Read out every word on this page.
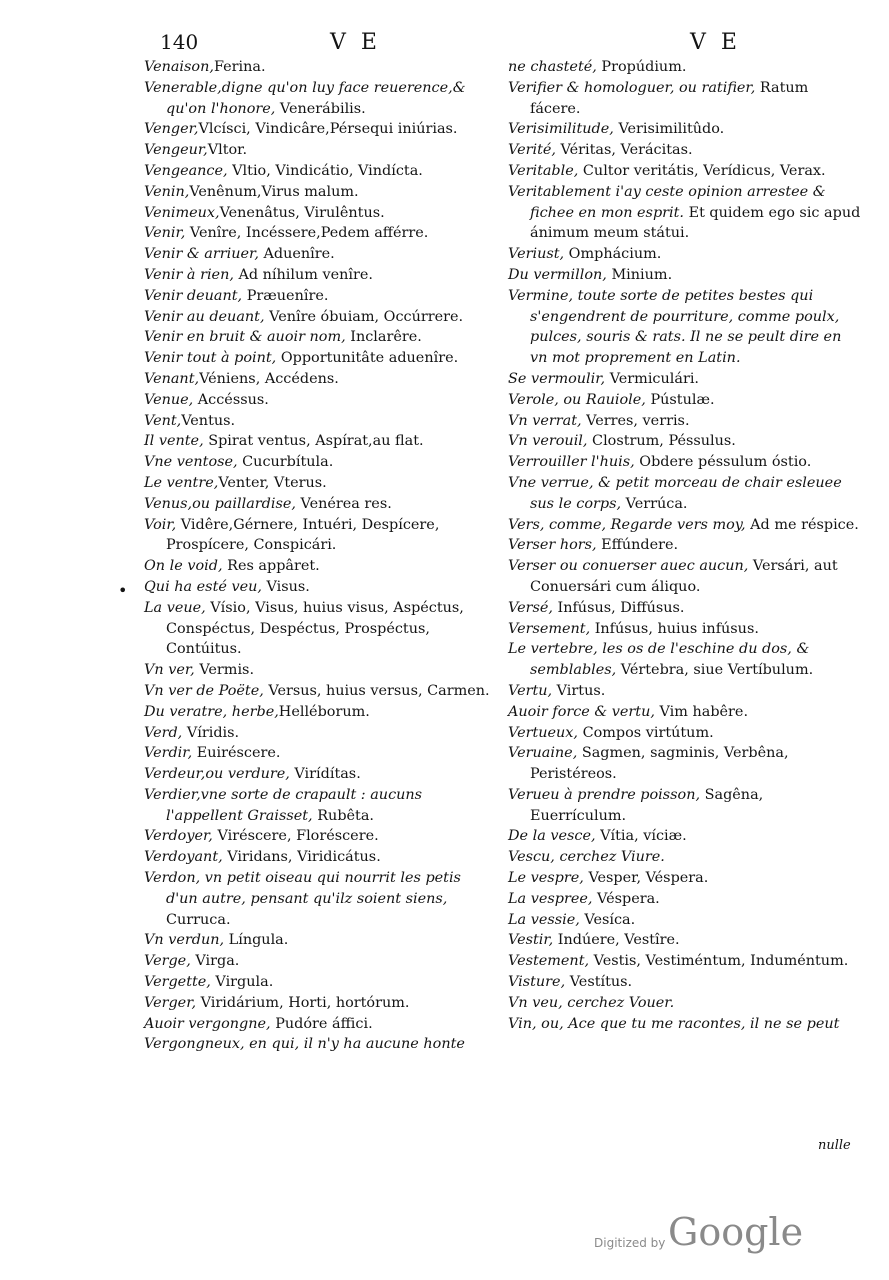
140	V E	V E

Venaison,Ferina.

Venerable,digne qu'on luy face reuerence,& qu'on l'honore, Venerábilis.

Venger,Vlcísci, Vindicâre,Pérsequi iniúrias.

Vengeur,Vltor.

Vengeance, Vltio, Vindicátio, Vindícta.

Venin,Venênum,Virus malum.

Venimeux,Venenâtus, Virulêntus.

Venir, Venîre, Incéssere,Pedem afférre.

Venir & arriuer, Aduenîre.

Venir à rien, Ad níhilum venîre.

Venir deuant, Præuenîre.

Venir au deuant, Venîre óbuiam, Occúrrere.

Venir en bruit & auoir nom, Inclarêre.

Venir tout à point, Opportunitâte aduenîre.

Venant,Véniens, Accédens.

Venue, Accéssus.

Vent,Ventus.

Il vente, Spirat ventus, Aspírat,au flat.

Vne ventose, Cucurbítula.

Le ventre,Venter, Vterus.

Venus,ou paillardise, Venérea res.

Voir, Vidêre,Gérnere, Intuéri, Despícere, Prospícere, Conspicári.

On le void, Res appâret.

Qui ha esté veu, Visus.

La veue, Vísio, Visus, huius visus, Aspéctus, Conspéctus, Despéctus, Prospéctus, Contúitus.

Vn ver, Vermis.

Vn ver de Poëte, Versus, huius versus, Carmen.

Du veratre, herbe,Helléborum.

Verd, Víridis.

Verdir, Euiréscere.

Verdeur,ou verdure, Virídítas.

Verdier,vne sorte de crapault : aucuns l'appellent Graisset, Rubêta.

Verdoyer, Viréscere, Floréscere.

Verdoyant, Viridans, Viridicátus.

Verdon, vn petit oiseau qui nourrit les petis d'un autre, pensant qu'ilz soient siens, Curruca.

Vn verdun, Língula.

Verge, Virga.

Vergette, Virgula.

Verger, Viridárium, Horti, hortórum.

Auoir vergongne, Pudóre áffici.

Vergongneux, en qui, il n'y ha aucune honte

ne chasteté, Propúdium.

Verifier & homologuer, ou ratifier, Ratum fácere.

Verisimilitude, Verisimilitûdo.

Verité, Véritas, Verácitas.

Veritable, Cultor veritátis, Verídicus, Verax.

Veritablement i'ay ceste opinion arrestee & fichee en mon esprit. Et quidem ego sic apud ánimum meum státui.

Veriust, Omphácium.

Du vermillon, Minium.

Vermine, toute sorte de petites bestes qui s'engendrent de pourriture, comme poulx, pulces, souris & rats. Il ne se peult dire en vn mot proprement en Latin.

Se vermoulir, Vermiculári.

Verole, ou Rauiole, Pústulæ.

Vn verrat, Verres, verris.

Vn verouil, Clostrum, Péssulus.

Verrouiller l'huis, Obdere péssulum óstio.

Vne verrue, & petit morceau de chair esleuee sus le corps, Verrúca.

Vers, comme, Regarde vers moy, Ad me réspice.

Verser hors, Effúndere.

Verser ou conuerser auec aucun, Versári, aut Conuersári cum áliquo.

Versé, Infúsus, Diffúsus.

Versement, Infúsus, huius infúsus.

Le vertebre, les os de l'eschine du dos, & semblables, Vértebra, siue Vertíbulum.

Vertu, Virtus.

Auoir force & vertu, Vim habêre.

Vertueux, Compos virtútum.

Veruaine, Sagmen, sagminis, Verbêna, Peristéreos.

Verueu à prendre poisson, Sagêna, Euerrículum.

De la vesce, Vítia, víciæ.

Vescu, cerchez Viure.

Le vespre, Vesper, Véspera.

La vespree, Véspera.

La vessie, Vesíca.

Vestir, Indúere, Vestîre.

Vestement, Vestis, Vestiméntum, Induméntum.

Visture, Vestítus.

Vn veu, cerchez Vouer.

Vin, ou, Ace que tu me racontes, il ne se peut

•
nulle
Digitized by Google
